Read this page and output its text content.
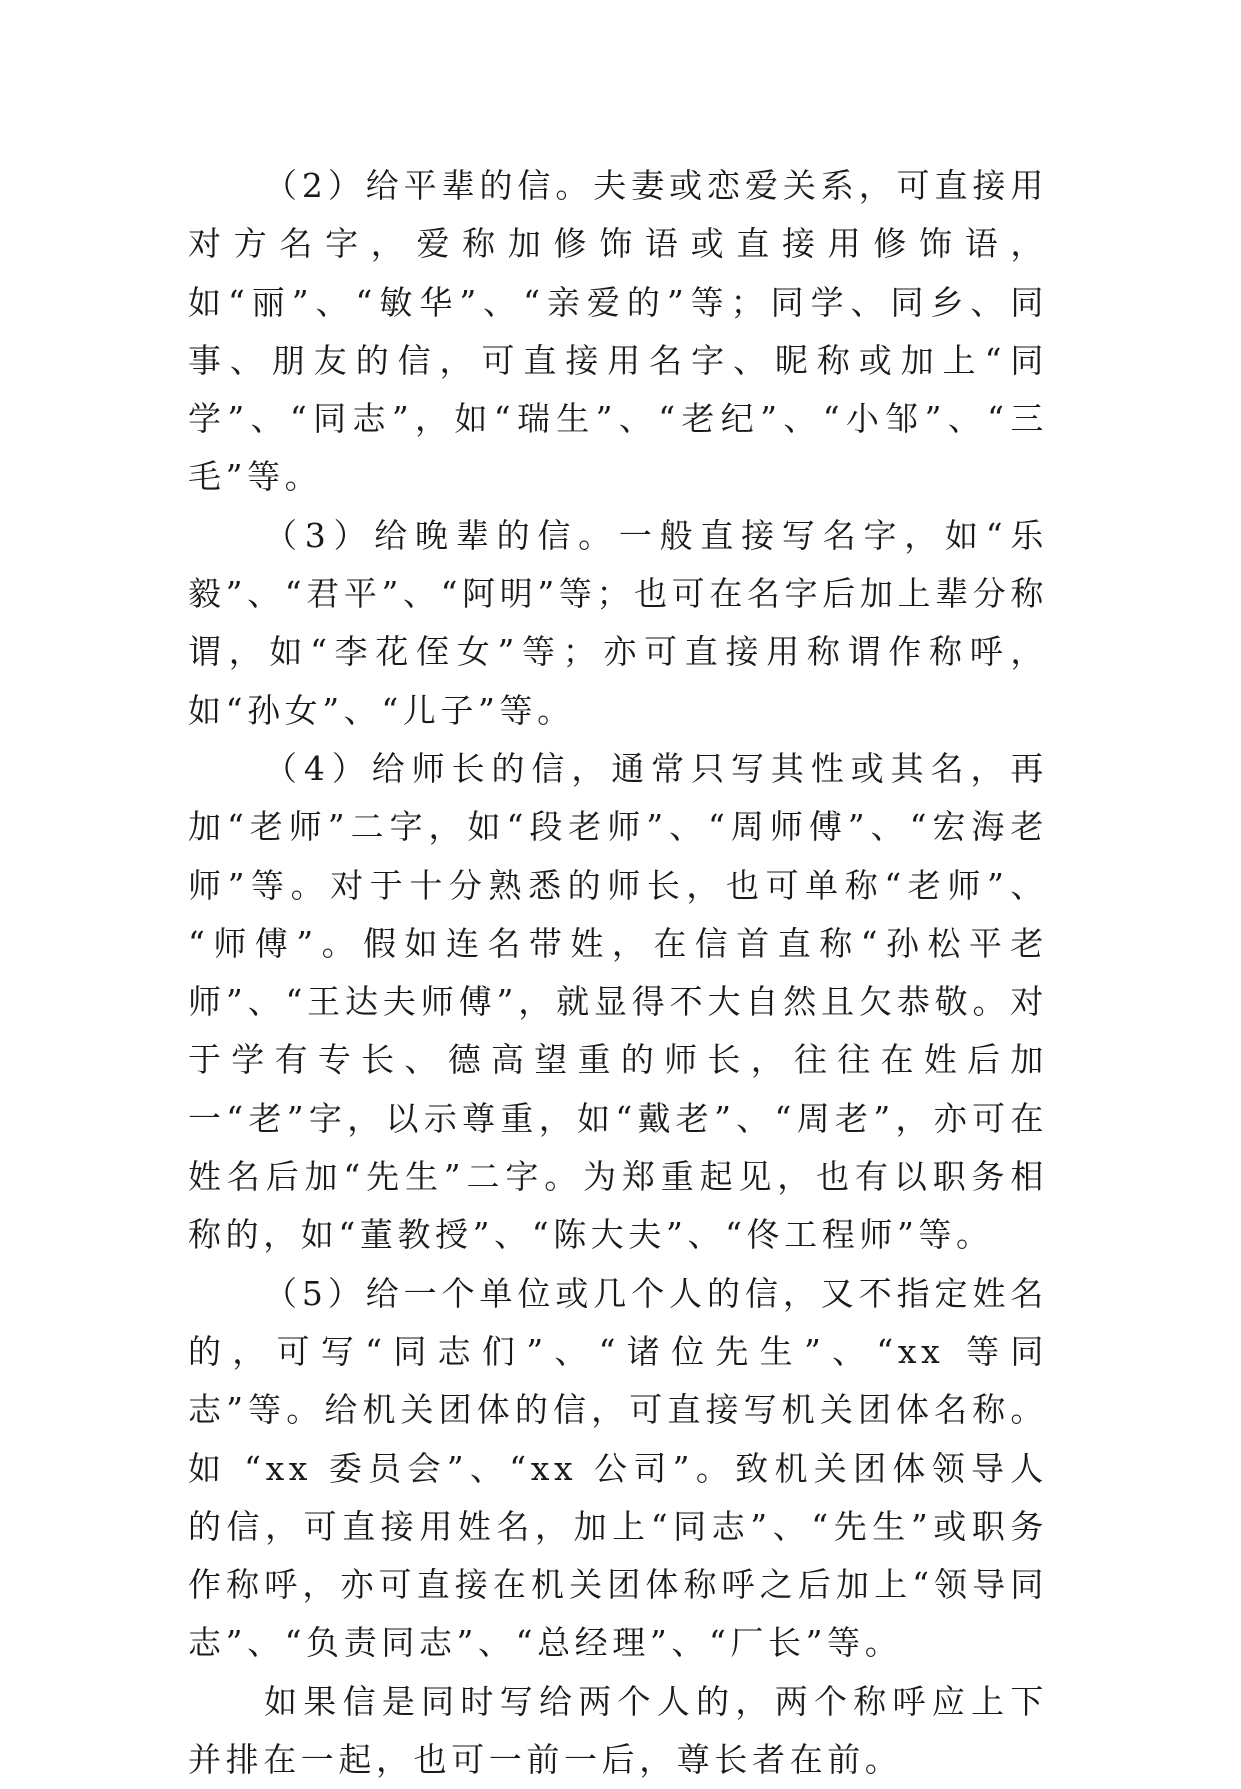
（2）给平辈的信。夫妻或恋爱关系，可直接用对方名字，爱称加修饰语或直接用修饰语，如“丽”、“敏华”、“亲爱的”等；同学、同乡、同事、朋友的信，可直接用名字、昵称或加上“同学”、“同志”，如“瑞生”、“老纪”、“小邹”、“三毛”等。

（3）给晚辈的信。一般直接写名字，如“乐毅”、“君平”、“阿明”等；也可在名字后加上辈分称谓，如“李花侄女”等；亦可直接用称谓作称呼，如“孙女”、“儿子”等。

（4）给师长的信，通常只写其性或其名，再加“老师”二字，如“段老师”、“周师傅”、“宏海老师”等。对于十分熟悉的师长，也可单称“老师”、 “师傅”。假如连名带姓，在信首直称“孙松平老师”、“王达夫师傅”，就显得不大自然且欠恭敬。对于学有专长、德高望重的师长，往往在姓后加一“老”字，以示尊重，如“戴老”、“周老”，亦可在姓名后加“先生”二字。为郑重起见，也有以职务相称的，如“董教授”、“陈大夫”、“佟工程师”等。

（5）给一个单位或几个人的信，又不指定姓名的，可写“同志们”、“诸位先生”、“xx 等同志”等。给机关团体的信，可直接写机关团体名称。如 “xx 委员会”、“xx 公司”。致机关团体领导人的信，可直接用姓名，加上“同志”、“先生”或职务作称呼，亦可直接在机关团体称呼之后加上“领导同志”、“负责同志”、“总经理”、“厂长”等。

如果信是同时写给两个人的，两个称呼应上下并排在一起，也可一前一后，尊长者在前。
